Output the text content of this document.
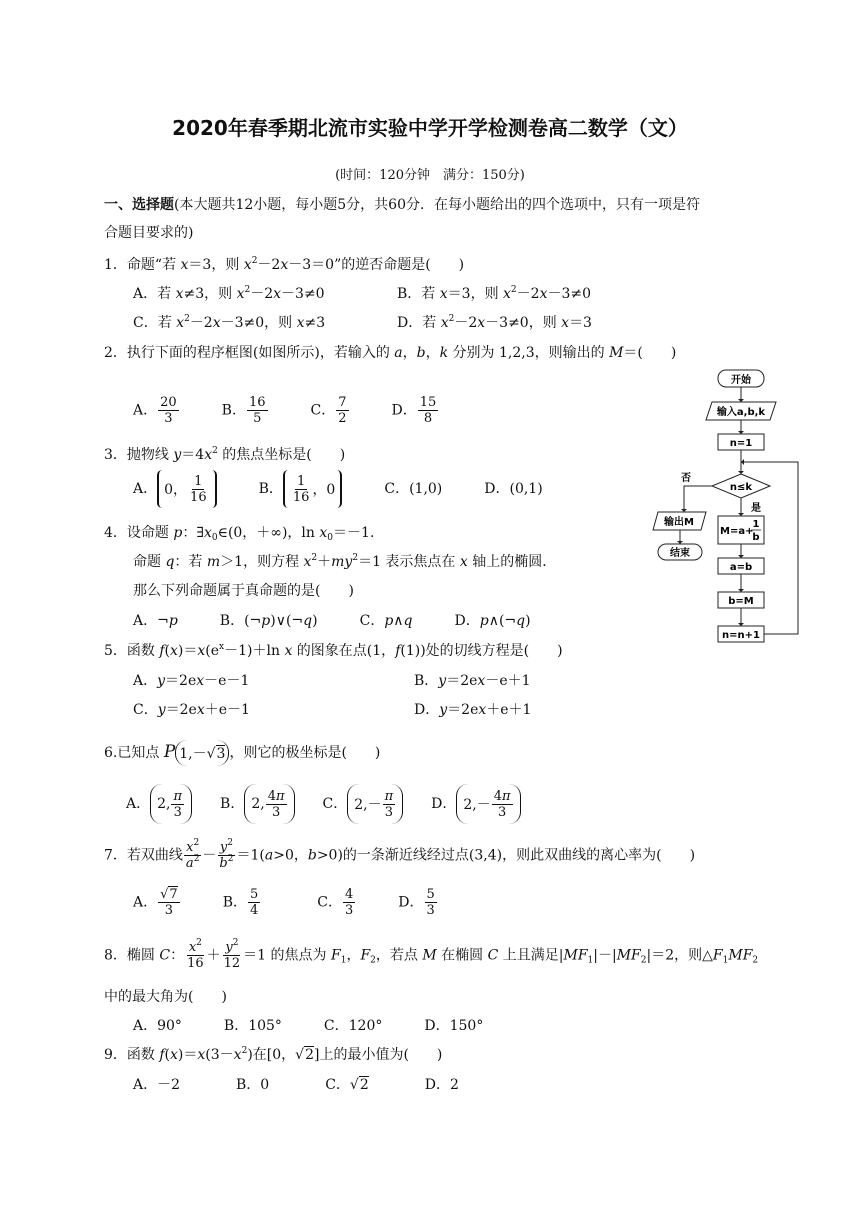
2020年春季期北流市实验中学开学检测卷高二数学（文）
(时间：120分钟　满分：150分)
一、选择题(本大题共12小题，每小题5分，共60分．在每小题给出的四个选项中，只有一项是符
合题目要求的)
1．命题“若 x＝3，则 $x^2-2x-3=0$”的逆否命题是(　　)
A．若 x≠3，则 $x^2-2x-3\ne 0$	B．若 x＝3，则 $x^2-2x-3\ne 0$
C．若 $x^2-2x-3\ne 0$，则 x≠3	D．若 $x^2-2x-3\ne 0$，则 x＝3
2．执行下面的程序框图(如图所示)，若输入的 a，b，k 分别为 1,2,3，则输出的 M＝(　　)
A． $\frac{20}{3}$ 　　　B． $\frac{16}{5}$ 　　　C． $\frac{7}{2}$ 　　　D． $\frac{15}{8}$
3．抛物线 $y=4x^2$ 的焦点坐标是(　　)
A． 0， $\frac{1}{16}$ 　　　B． $\frac{1}{16}$ ，0　　　C．(1,0)　　　D．(0,1)
4．设命题 p：$\exists x_0\in(0$，＋∞)，$\ln x_0=-1$.
命题 q：若 m＞1，则方程 $x^2+my^2=1$ 表示焦点在 x 轴上的椭圆．
那么下列命题属于真命题的是(　　)
A．¬p　　　B．(¬p)∨(¬q)　　　C．p∧q　　　D．p∧(¬q)
5．函数 $f(x)=x(e^x-1)+\ln$ x 的图象在点(1，f(1))处的切线方程是(　　)
A．y＝2ex－e－1	B．y＝2ex－e＋1
C．y＝2ex＋e－1	D．y＝2ex＋e＋1
6.已知点 P 1,－√ 3 ，则它的极坐标是(　　)
A． 2, $\frac{\pi}{3}$ 　　B． 2, $\frac{4\pi}{3}$ 　　C． $2,- \frac{\pi}{3}$ 　　D． $2,- \frac{4\pi}{3}$
7．若双曲线 $\frac{x^2}{a^2} - \frac{y^2}{b^2} =1(a>0$，b>0)的一条渐近线经过点(3,4)，则此双曲线的离心率为(　　)
A． $\frac{√7}{3}$ 　　　B． $\frac{5}{4}$ 　　　　C． $\frac{4}{3}$ 　　　D． $\frac{5}{3}$
8．椭圆 C： $\frac{x^2}{16} + \frac{y^2}{12} =1$ 的焦点为 $F_1$，$F_2$，若点 M 在椭圆 C 上且满足$|MF_1|-|MF_2|=2$，则$\triangle F_1MF_2$
中的最大角为(　　)
A．90°　　　B．105°　　　C．120°　　　D．150°
9．函数 $f(x)=x(3-x^2)$在[0，√2]上的最小值为(　　)
A．－2　　　　B．0　　　　C．√2　　　　D．2
开始
输入a,b,k
n=1
n≤k
否
是
M=a+
1
b
a=b
b=M
n=n+1
输出M
结束
